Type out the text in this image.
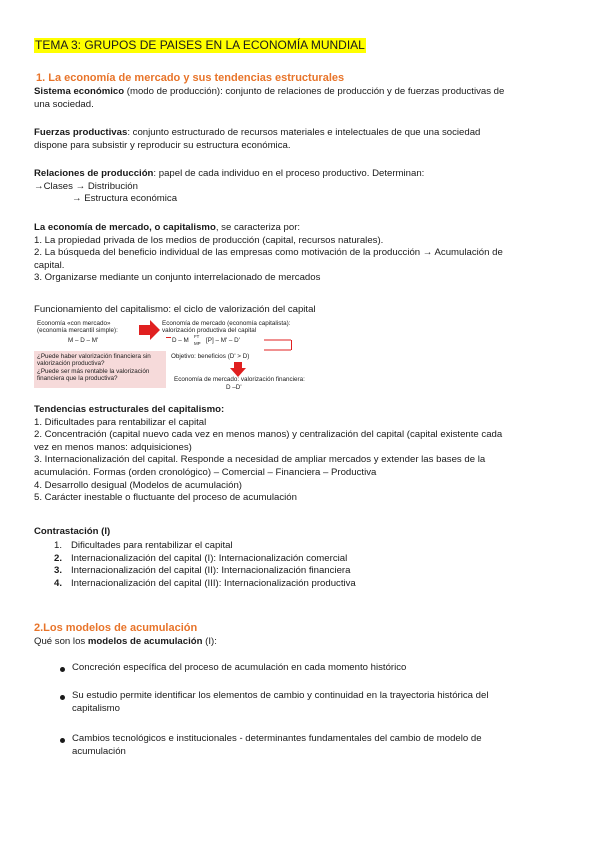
TEMA 3: GRUPOS DE PAISES EN LA ECONOMÍA MUNDIAL
1. La economía de mercado y sus tendencias estructurales
Sistema económico (modo de producción): conjunto de relaciones de producción y de fuerzas productivas de
una sociedad.
Fuerzas productivas: conjunto estructurado de recursos materiales e intelectuales de que una sociedad
dispone para subsistir y reproducir su estructura económica.
Relaciones de producción: papel de cada individuo en el proceso productivo. Determinan:
→Clases → Distribución
→ Estructura económica
La economía de mercado, o capitalismo, se caracteriza por:
1. La propiedad privada de los medios de producción (capital, recursos naturales).
2. La búsqueda del beneficio individual de las empresas como motivación de la producción → Acumulación de
capital.
3. Organizarse mediante un conjunto interrelacionado de mercados
Funcionamiento del capitalismo: el ciclo de valorización del capital
Economía «con mercado»
(economía mercantil simple):
M – D – M'
Economía de mercado (economía capitalista):
valorización productiva del capital
D – M
FT
MP [P] – M' – D'
Objetivo: beneficios (D' > D)
¿Puede haber valorización financiera sin
valorización productiva?
¿Puede ser más rentable la valorización
financiera que la productiva?	Economía de mercado: valorización financiera:
D –D'
Tendencias estructurales del capitalismo:
1. Dificultades para rentabilizar el capital
2. Concentración (capital nuevo cada vez en menos manos) y centralización del capital (capital existente cada
vez en menos manos: adquisiciones)
3. Internacionalización del capital. Responde a necesidad de ampliar mercados y extender las bases de la
acumulación. Formas (orden cronológico) – Comercial – Financiera – Productiva
4. Desarrollo desigual (Modelos de acumulación)
5. Carácter inestable o fluctuante del proceso de acumulación
Contrastación (I)
1. Dificultades para rentabilizar el capital
2. Internacionalización del capital (I): Internacionalización comercial
3. Internacionalización del capital (II): Internacionalización financiera
4. Internacionalización del capital (III): Internacionalización productiva
2.Los modelos de acumulación
Qué son los modelos de acumulación (I):
Concreción específica del proceso de acumulación en cada momento histórico
Su estudio permite identificar los elementos de cambio y continuidad en la trayectoria histórica del
capitalismo
Cambios tecnológicos e institucionales - determinantes fundamentales del cambio de modelo de
acumulación
